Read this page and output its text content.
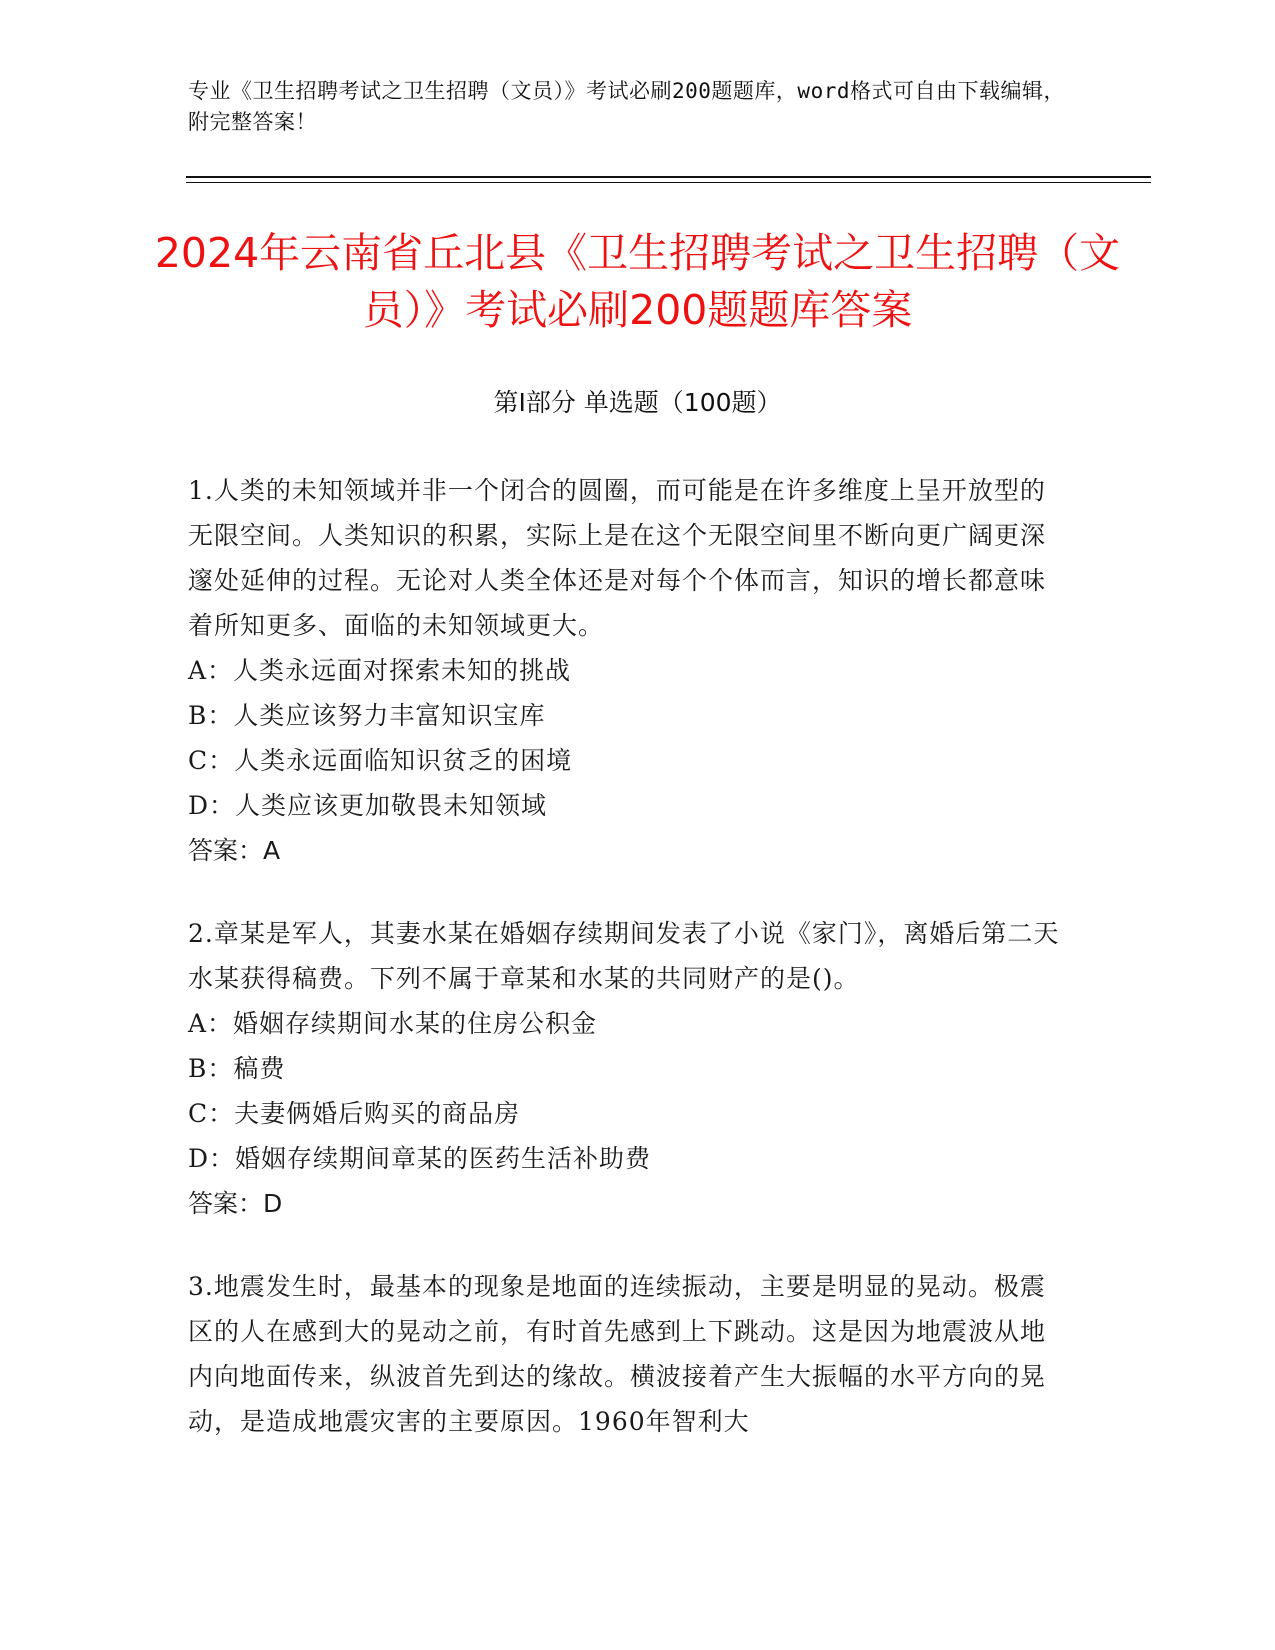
专业《卫生招聘考试之卫生招聘（文员）》考试必刷200题题库，word格式可自由下载编辑，附完整答案！
2024年云南省丘北县《卫生招聘考试之卫生招聘（文员）》考试必刷200题题库答案
第I部分 单选题（100题）

1.人类的未知领域并非一个闭合的圆圈，而可能是在许多维度上呈开放型的无限空间。人类知识的积累，实际上是在这个无限空间里不断向更广阔更深邃处延伸的过程。无论对人类全体还是对每个个体而言，知识的增长都意味着所知更多、面临的未知领域更大。

A：人类永远面对探索未知的挑战

B：人类应该努力丰富知识宝库

C：人类永远面临知识贫乏的困境

D：人类应该更加敬畏未知领域

答案：A

2.章某是军人，其妻水某在婚姻存续期间发表了小说《家门》，离婚后第二天水某获得稿费。下列不属于章某和水某的共同财产的是()。

A：婚姻存续期间水某的住房公积金

B：稿费

C：夫妻俩婚后购买的商品房

D：婚姻存续期间章某的医药生活补助费

答案：D

3.地震发生时，最基本的现象是地面的连续振动，主要是明显的晃动。极震区的人在感到大的晃动之前，有时首先感到上下跳动。这是因为地震波从地内向地面传来，纵波首先到达的缘故。横波接着产生大振幅的水平方向的晃动，是造成地震灾害的主要原因。1960年智利大
